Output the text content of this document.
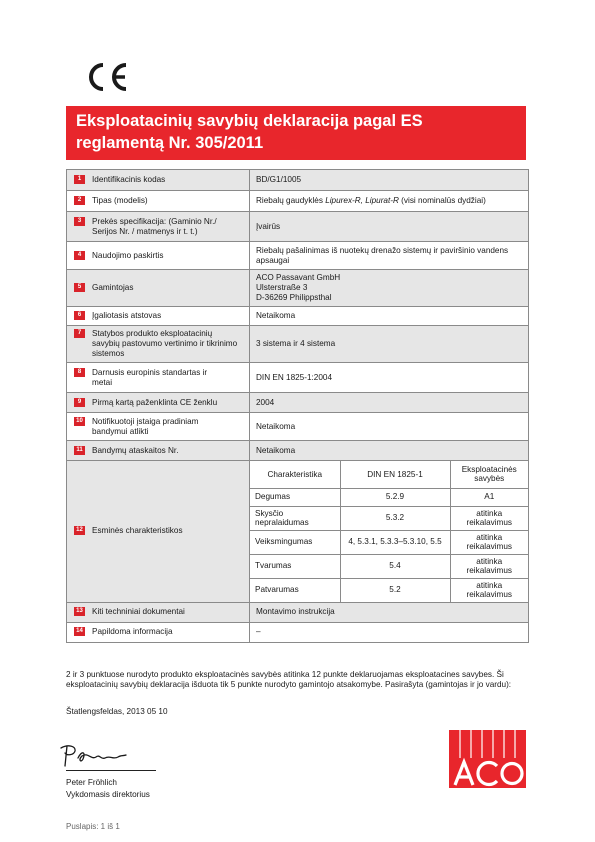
Eksploatacinių savybių deklaracija pagal ES
reglamentą Nr. 305/2011
1 Identifikacinis kodas	BD/G1/1005
2 Tipas (modelis)	Riebalų gaudyklės Lipurex-R, Lipurat-R (visi nominalūs dydžiai)
3 Prekės specifikacija: (Gaminio Nr./ Serijos Nr. / matmenys ir t. t.)	Įvairūs
4 Naudojimo paskirtis	Riebalų pašalinimas iš nuotekų drenažo sistemų ir paviršinio vandens apsaugai
5 Gamintojas	
ACO Passavant GmbH
Ulsterstraße 3
D-36269 Philippsthal

6 Įgaliotasis atstovas	Netaikoma
7 Statybos produkto eksploatacinių savybių pastovumo vertinimo ir tikrinimo sistemos	3 sistema ir 4 sistema
8 Darnusis europinis standartas ir metai	DIN EN 1825-1:2004
9 Pirmą kartą paženklinta CE ženklu	2004
10 Notifikuotoji įstaiga pradiniam bandymui atlikti	Netaikoma
11 Bandymų ataskaitos Nr.	Netaikoma
12 Esminės charakteristikos	
Charakteristika	DIN EN 1825-1	Eksploatacinės savybės
Degumas	5.2.9	A1
Skysčio nepralaidumas	5.3.2	atitinka reikalavimus
Veiksmingumas	4, 5.3.1, 5.3.3–5.3.10, 5.5	atitinka reikalavimus
Tvarumas	5.4	atitinka reikalavimus
Patvarumas	5.2	atitinka reikalavimus

13 Kiti techniniai dokumentai	Montavimo instrukcija
14 Papildoma informacija	–
2 ir 3 punktuose nurodyto produkto eksploatacinės savybės atitinka 12 punkte deklaruojamas eksploatacines savybes. Ši eksploatacinių savybių deklaracija išduota tik 5 punkte nurodyto gamintojo atsakomybe. Pasirašyta (gamintojas ir jo vardu):
Štatlengsfeldas, 2013 05 10
Peter Fröhlich
Vykdomasis direktorius
Puslapis: 1 iš 1
